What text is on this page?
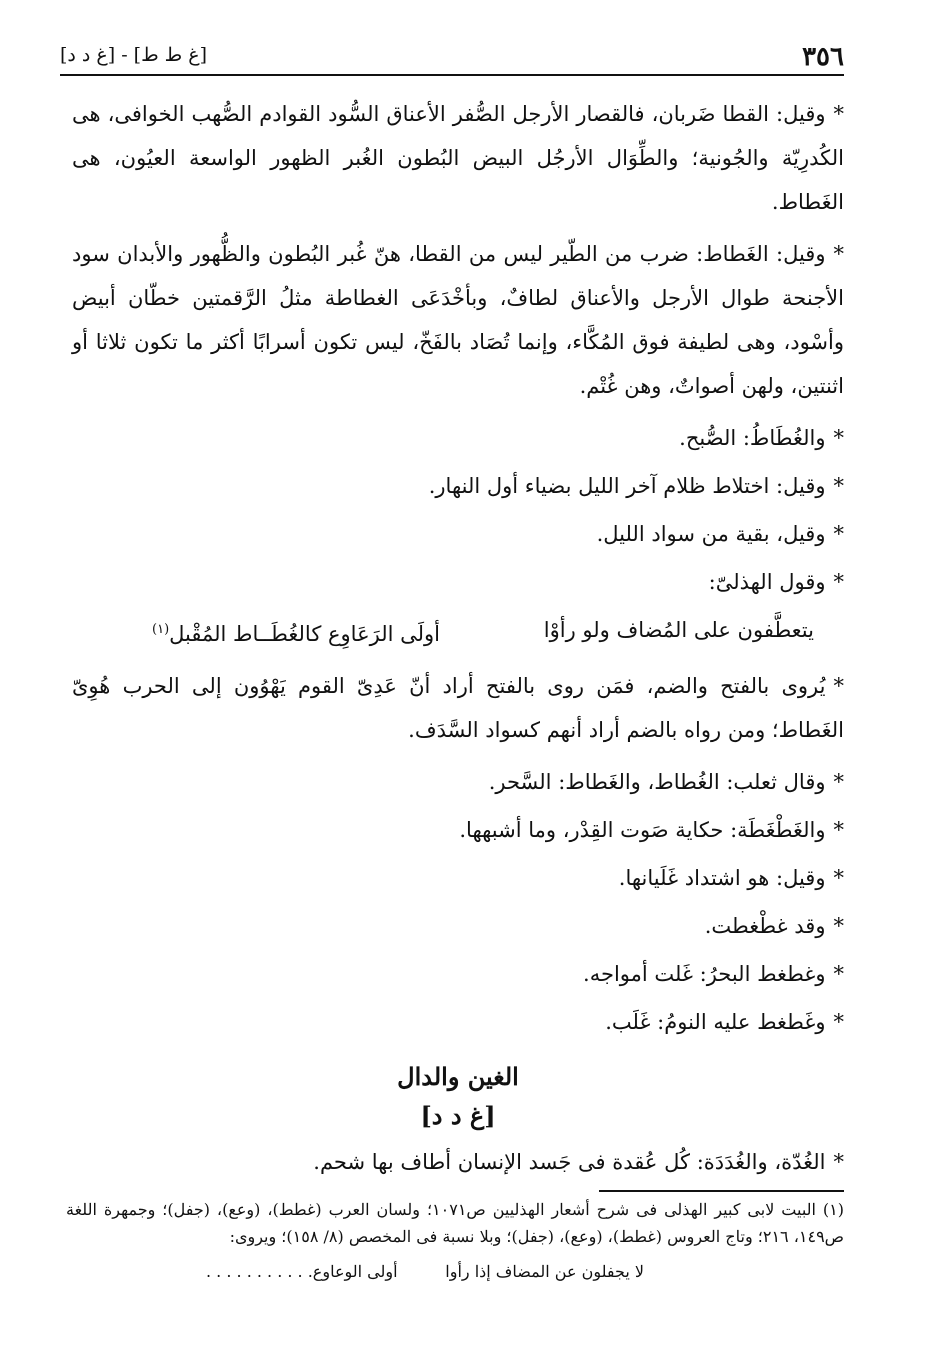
٣٥٦
[غ ط ط] - [غ د د]

*وقيل: القطا ضَربان، فالقصار الأرجل الصُّفر الأعناق السُّود القوادم الصُّهب الخوافى، هى الكُدرِيّة والجُونية؛ والطِّوَال الأرجُل البيض البُطون الغُبر الظهور الواسعة العيُون، هى الغَطاط.

*وقيل: الغَطاط: ضرب من الطّير ليس من القطا، هنّ غُبر البُطون والظُّهور والأبدان سود الأجنحة طوال الأرجل والأعناق لطافٌ، وبأخْدَعَى الغطاطة مثلُ الرَّقمتين خطّان أبيض وأسْود، وهى لطيفة فوق المُكَّاء، وإنما تُصَاد بالفَخّ، ليس تكون أسرابًا أكثر ما تكون ثلاثا أو اثنتين، ولهن أصواتٌ، وهن غُتْم.

*والغُطَاطُ: الصُّبح.

*وقيل: اختلاط ظلام آخر الليل بضياء أول النهار.

*وقيل، بقية من سواد الليل.

*وقول الهذلىّ:

يتعطَّفون على المُضاف ولو رأوْا
أولَى الرَعَاوِع كالغُطَــاط المُقْبل$^{(١)}$

*يُروى بالفتح والضم، فمَن روى بالفتح أراد أنّ عَدِىّ القوم يَهْوُون إلى الحرب هُوِىّ الغَطاط؛ ومن رواه بالضم أراد أنهم كسواد السَّدَف.

*وقال ثعلب: الغُطاط، والغَطاط: السَّحر.

*والغَطْغَطَة: حكاية صَوت القِدْر، وما أشبهها.

*وقيل: هو اشتداد غَلَيانها.

*وقد غطْغطت.

*وغطغط البحرُ: غَلت أمواجه.

*وغَطغط عليه النومُ: غَلَب.

الغين والدال
[غ د د]

*الغُدّة، والغُدَدَة: كُل عُقدة فى جَسد الإنسان أطاف بها شحم.

(١) البيت لابى كبير الهذلى فى شرح أشعار الهذليين ص١٠٧١؛ ولسان العرب (غطط)، (وعع)، (جفل)؛ وجمهرة اللغة ص١٤٩، ٢١٦؛ وتاج العروس (غطط)، (وعع)، (جفل)؛ وبلا نسبة فى المخصص (٨/ ١٥٨)؛ ويروى:
لا يجفلون عن المضاف إذا رأوا
أولى الوعاوع. . . . . . . . . . .
